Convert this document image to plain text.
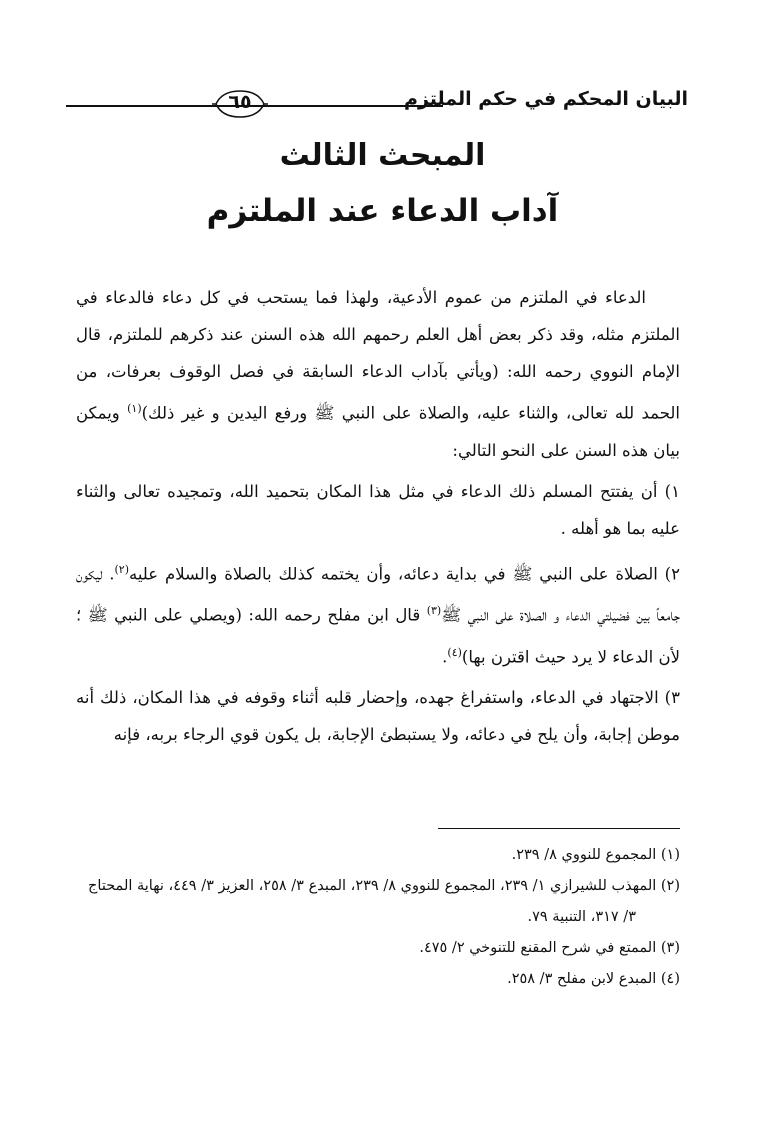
البيان المحكم في حكم الملتزم
٦٥
المبحث الثالث
آداب الدعاء عند الملتزم

الدعاء في الملتزم من عموم الأدعية، ولهذا فما يستحب في كل دعاء فالدعاء في الملتزم مثله، وقد ذكر بعض أهل العلم رحمهم الله هذه السنن عند ذكرهم للملتزم، قال الإمام النووي رحمه الله: (ويأتي بآداب الدعاء السابقة في فصل الوقوف بعرفات، من الحمد لله تعالى، والثناء عليه، والصلاة على النبي ﷺ ورفع اليدين و غير ذلك)$^{(١)}$ ويمكن بيان هذه السنن على النحو التالي:

١) أن يفتتح المسلم ذلك الدعاء في مثل هذا المكان بتحميد الله، وتمجيده تعالى والثناء عليه بما هو أهله .

٢) الصلاة على النبي ﷺ في بداية دعائه، وأن يختمه كذلك بالصلاة والسلام عليه$^{(٢)}$. ليكون جامعاً بين فضيلتي الدعاء و الصلاة على النبي ﷺ$^{(٣)}$ قال ابن مفلح رحمه الله: (ويصلي على النبي ﷺ ؛ لأن الدعاء لا يرد حيث اقترن بها)$^{(٤)}$.

٣) الاجتهاد في الدعاء، واستفراغ جهده، وإحضار قلبه أثناء وقوفه في هذا المكان، ذلك أنه موطن إجابة، وأن يلح في دعائه، ولا يستبطئ الإجابة، بل يكون قوي الرجاء بربه، فإنه

(١) المجموع للنووي ٨/ ٢٣٩.

(٢) المهذب للشيرازي ١/ ٢٣٩، المجموع للنووي ٨/ ٢٣٩، المبدع ٣/ ٢٥٨، العزيز ٣/ ٤٤٩، نهاية المحتاج

٣/ ٣١٧، التنبية ٧٩.

(٣) الممتع في شرح المقنع للتنوخي ٢/ ٤٧٥.

(٤) المبدع لابن مفلح ٣/ ٢٥٨.
